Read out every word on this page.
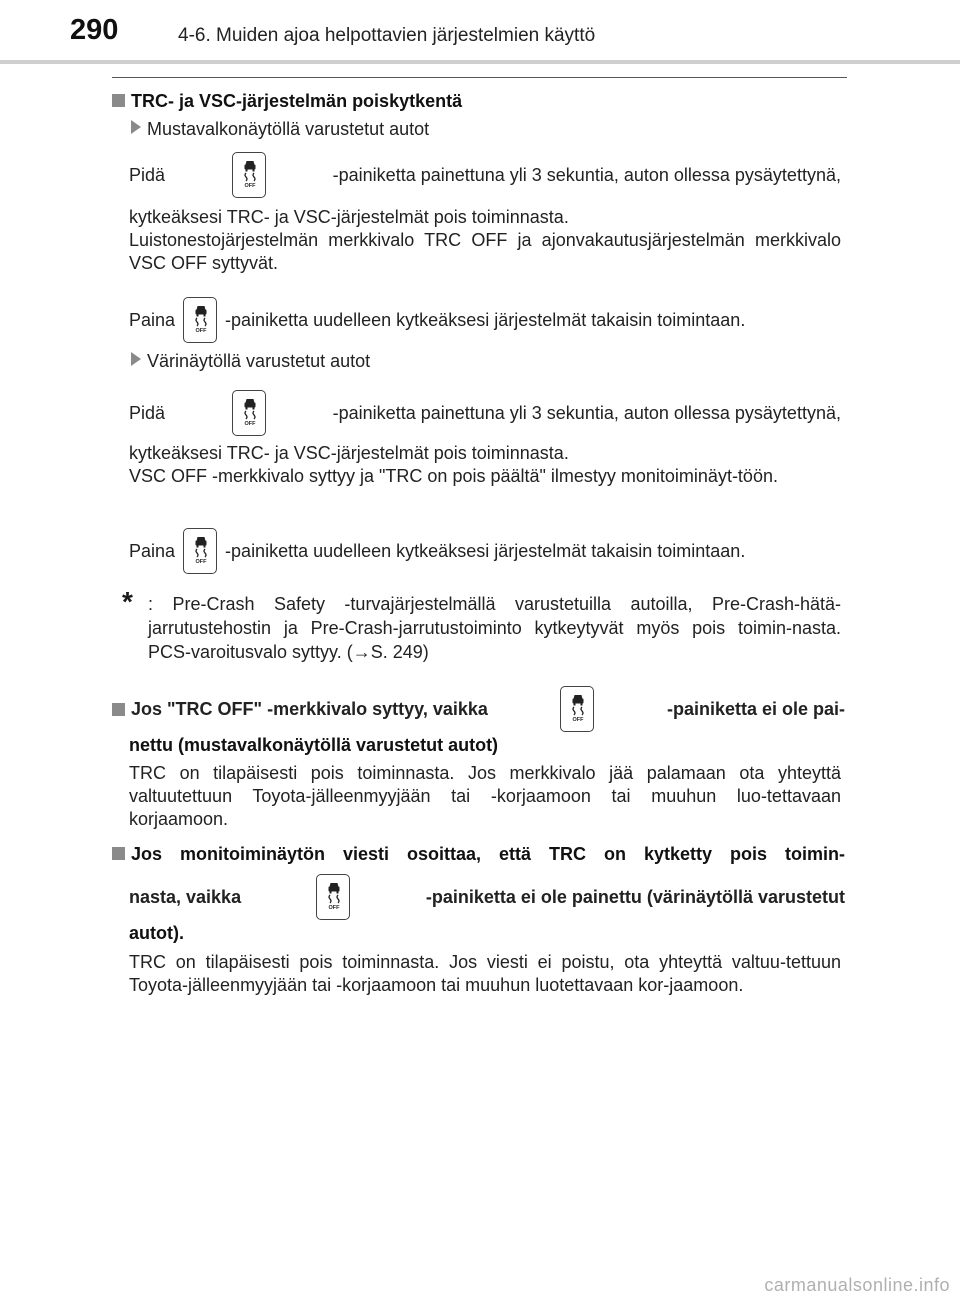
290	4-6. Muiden ajoa helpottavien järjestelmien käyttö
TRC- ja VSC-järjestelmän poiskytkentä
Mustavalkonäytöllä varustetut autot
Pidä
OFF
-painiketta painettuna yli 3 sekuntia, auton ollessa pysäytettynä,
kytkeäksesi TRC- ja VSC-järjestelmät pois toiminnasta.
Luistonestojärjestelmän merkkivalo TRC OFF ja ajonvakautusjärjestelmän merkkivalo VSC OFF syttyvät.
Paina
OFF
-painiketta uudelleen kytkeäksesi järjestelmät takaisin toimintaan.
Värinäytöllä varustetut autot
Pidä
OFF
-painiketta painettuna yli 3 sekuntia, auton ollessa pysäytettynä,
kytkeäksesi TRC- ja VSC-järjestelmät pois toiminnasta.
VSC OFF -merkkivalo syttyy ja "TRC on pois päältä" ilmestyy monitoiminäyt-töön.
Paina
OFF
-painiketta uudelleen kytkeäksesi järjestelmät takaisin toimintaan.
* : Pre-Crash Safety -turvajärjestelmällä varustetuilla autoilla, Pre-Crash-hätä-jarrutustehostin ja Pre-Crash-jarrutustoiminto kytkeytyvät myös pois toimin-nasta. PCS-varoitusvalo syttyy. (→S. 249)
Jos "TRC OFF" -merkkivalo syttyy, vaikka
OFF
-painiketta ei ole pai-
nettu (mustavalkonäytöllä varustetut autot)
TRC on tilapäisesti pois toiminnasta. Jos merkkivalo jää palamaan ota yhteyttä valtuutettuun Toyota-jälleenmyyjään tai -korjaamoon tai muuhun luo-tettavaan korjaamoon.
Jos monitoiminäytön viesti osoittaa, että TRC on kytketty pois toimin-
nasta, vaikka
OFF
-painiketta ei ole painettu (värinäytöllä varustetut
autot).
TRC on tilapäisesti pois toiminnasta. Jos viesti ei poistu, ota yhteyttä valtuu-tettuun Toyota-jälleenmyyjään tai -korjaamoon tai muuhun luotettavaan kor-jaamoon.
carmanualsonline.info
